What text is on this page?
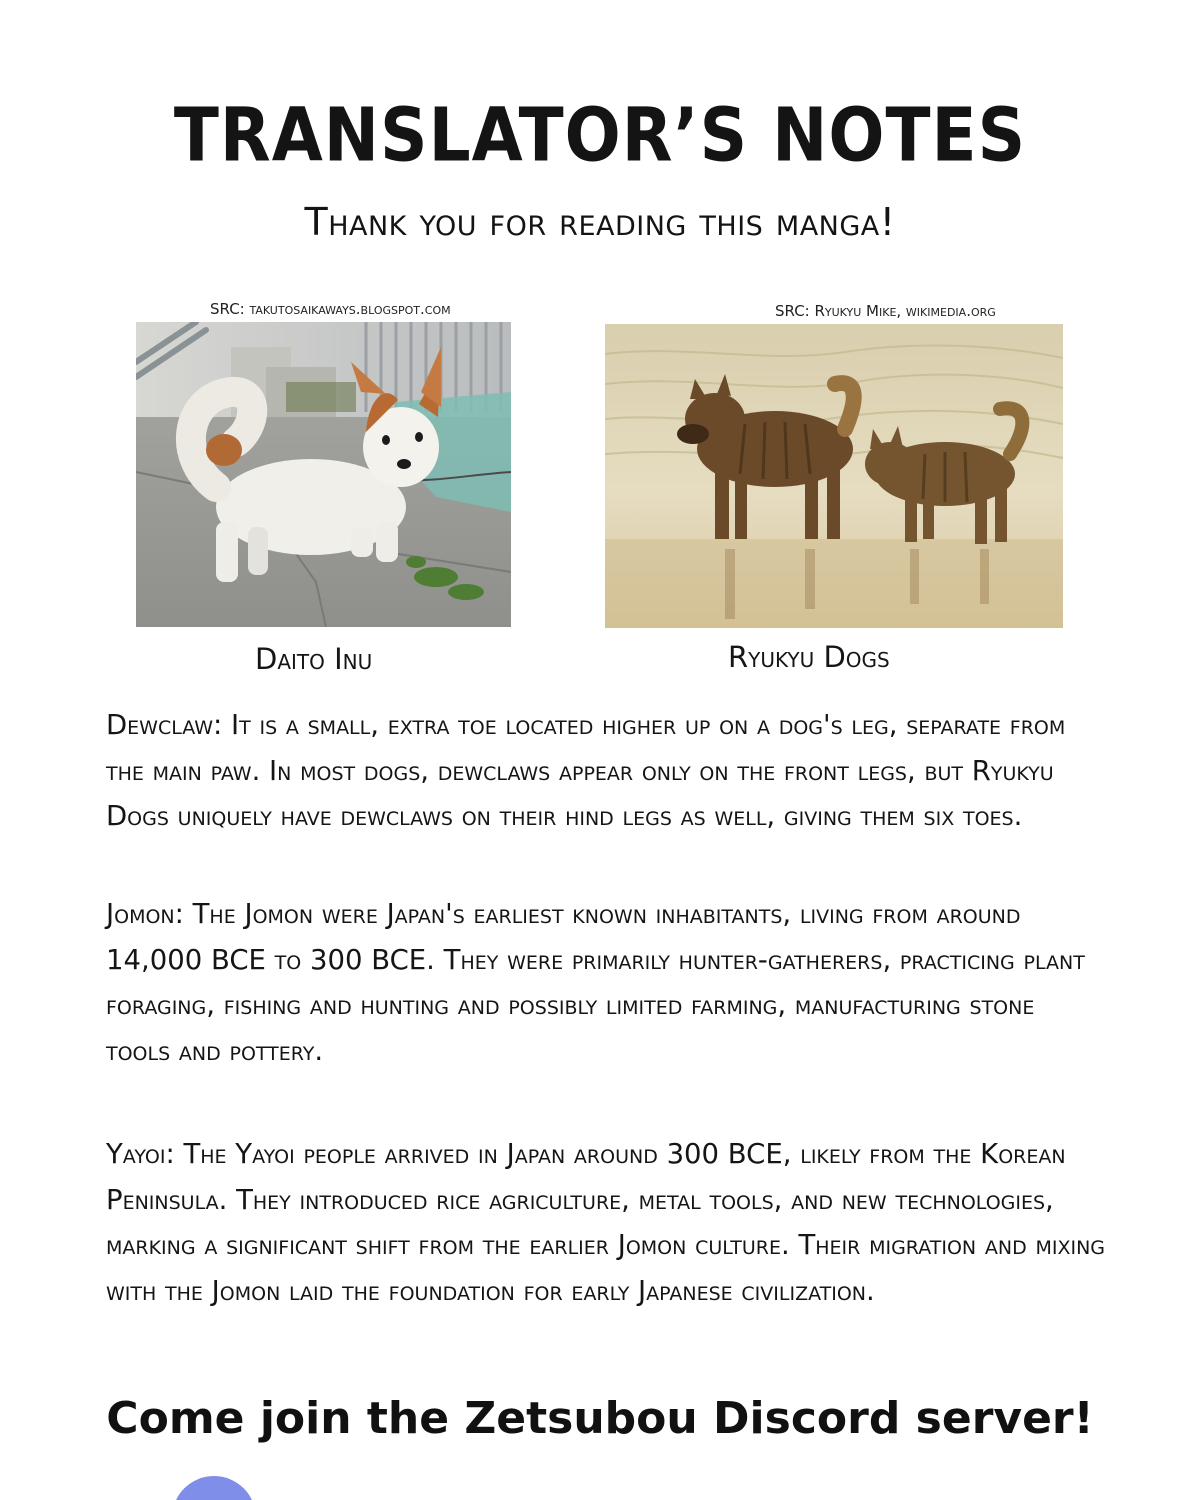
TRANSLATOR’S NOTES
Thank you for reading this manga!
SRC: takutosaikaways.blogspot.com	SRC: Ryukyu Mike, wikimedia.org
Daito Inu	Ryukyu Dogs

Dewclaw: It is a small, extra toe located higher up on a dog's leg, separate from the main paw. In most dogs, dewclaws appear only on the front legs, but Ryukyu Dogs uniquely have dewclaws on their hind legs as well, giving them six toes.

Jomon: The Jomon were Japan's earliest known inhabitants, living from around 14,000 BCE to 300 BCE. They were primarily hunter-gatherers, practicing plant foraging, fishing and hunting and possibly limited farming, manufacturing stone tools and pottery.

Yayoi: The Yayoi people arrived in Japan around 300 BCE, likely from the Korean Peninsula. They introduced rice agriculture, metal tools, and new technologies, marking a significant shift from the earlier Jomon culture. Their migration and mixing with the Jomon laid the foundation for early Japanese civilization.

Come join the Zetsubou Discord server!
